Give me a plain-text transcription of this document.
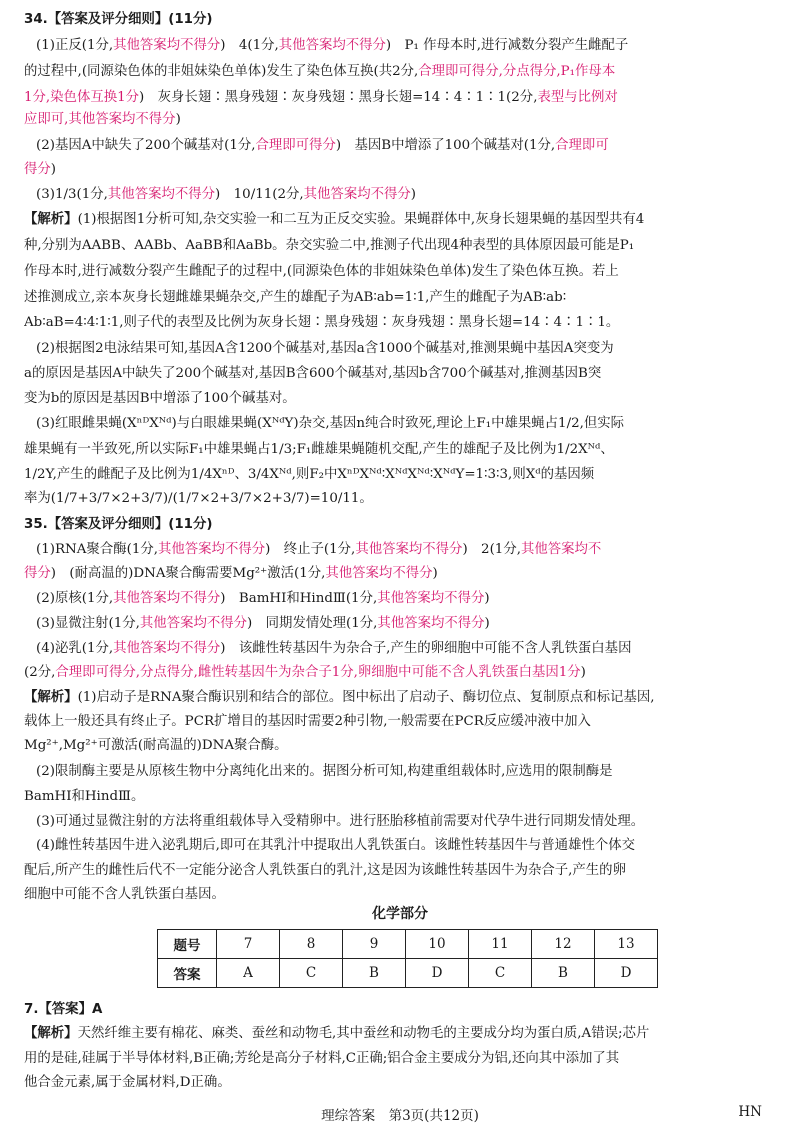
34.【答案及评分细则】(11分)
(1)正反(1分,其他答案均不得分)　4(1分,其他答案均不得分)　P₁ 作母本时,进行减数分裂产生雌配子
的过程中,(同源染色体的非姐妹染色单体)发生了染色体互换(共2分,合理即可得分,分点得分,P₁作母本
1分,染色体互换1分)　灰身长翅∶黑身残翅∶灰身残翅∶黑身长翅=14∶4∶1∶1(2分,表型与比例对
应即可,其他答案均不得分)
(2)基因A中缺失了200个碱基对(1分,合理即可得分)　基因B中增添了100个碱基对(1分,合理即可
得分)
(3)1/3(1分,其他答案均不得分)　10/11(2分,其他答案均不得分)
【解析】(1)根据图1分析可知,杂交实验一和二互为正反交实验。果蝇群体中,灰身长翅果蝇的基因型共有4
种,分别为AABB、AABb、AaBB和AaBb。杂交实验二中,推测子代出现4种表型的具体原因最可能是P₁
作母本时,进行减数分裂产生雌配子的过程中,(同源染色体的非姐妹染色单体)发生了染色体互换。若上
述推测成立,亲本灰身长翅雌雄果蝇杂交,产生的雄配子为AB∶ab=1∶1,产生的雌配子为AB∶ab∶
Ab∶aB=4∶4∶1∶1,则子代的表型及比例为灰身长翅∶黑身残翅∶灰身残翅∶黑身长翅=14∶4∶1∶1。
(2)根据图2电泳结果可知,基因A含1200个碱基对,基因a含1000个碱基对,推测果蝇中基因A突变为
a的原因是基因A中缺失了200个碱基对,基因B含600个碱基对,基因b含700个碱基对,推测基因B突
变为b的原因是基因B中增添了100个碱基对。
(3)红眼雌果蝇(XⁿᴰXᴺᵈ)与白眼雄果蝇(XᴺᵈY)杂交,基因n纯合时致死,理论上F₁中雄果蝇占1/2,但实际
雄果蝇有一半致死,所以实际F₁中雄果蝇占1/3;F₁雌雄果蝇随机交配,产生的雄配子及比例为1/2Xᴺᵈ、
1/2Y,产生的雌配子及比例为1/4Xⁿᴰ、3/4Xᴺᵈ,则F₂中XⁿᴰXᴺᵈ∶XᴺᵈXᴺᵈ∶XᴺᵈY=1∶3∶3,则Xᵈ的基因频
率为(1/7+3/7×2+3/7)/(1/7×2+3/7×2+3/7)=10/11。
35.【答案及评分细则】(11分)
(1)RNA聚合酶(1分,其他答案均不得分)　终止子(1分,其他答案均不得分)　2(1分,其他答案均不
得分)　(耐高温的)DNA聚合酶需要Mg²⁺激活(1分,其他答案均不得分)
(2)原核(1分,其他答案均不得分)　BamHⅠ和HindⅢ(1分,其他答案均不得分)
(3)显微注射(1分,其他答案均不得分)　同期发情处理(1分,其他答案均不得分)
(4)泌乳(1分,其他答案均不得分)　该雌性转基因牛为杂合子,产生的卵细胞中可能不含人乳铁蛋白基因
(2分,合理即可得分,分点得分,雌性转基因牛为杂合子1分,卵细胞中可能不含人乳铁蛋白基因1分)
【解析】(1)启动子是RNA聚合酶识别和结合的部位。图中标出了启动子、酶切位点、复制原点和标记基因,
载体上一般还具有终止子。PCR扩增目的基因时需要2种引物,一般需要在PCR反应缓冲液中加入
Mg²⁺,Mg²⁺可激活(耐高温的)DNA聚合酶。
(2)限制酶主要是从原核生物中分离纯化出来的。据图分析可知,构建重组载体时,应选用的限制酶是
BamHⅠ和HindⅢ。
(3)可通过显微注射的方法将重组载体导入受精卵中。进行胚胎移植前需要对代孕牛进行同期发情处理。
(4)雌性转基因牛进入泌乳期后,即可在其乳汁中提取出人乳铁蛋白。该雌性转基因牛与普通雄性个体交
配后,所产生的雌性后代不一定能分泌含人乳铁蛋白的乳汁,这是因为该雌性转基因牛为杂合子,产生的卵
细胞中可能不含人乳铁蛋白基因。
化学部分
题号	7	8	9	10	11	12	13
答案	A	C	B	D	C	B	D
7.【答案】A
【解析】天然纤维主要有棉花、麻类、蚕丝和动物毛,其中蚕丝和动物毛的主要成分均为蛋白质,A错误;芯片
用的是硅,硅属于半导体材料,B正确;芳纶是高分子材料,C正确;铝合金主要成分为铝,还向其中添加了其
他合金元素,属于金属材料,D正确。
理综答案　第3页(共12页)	HN
